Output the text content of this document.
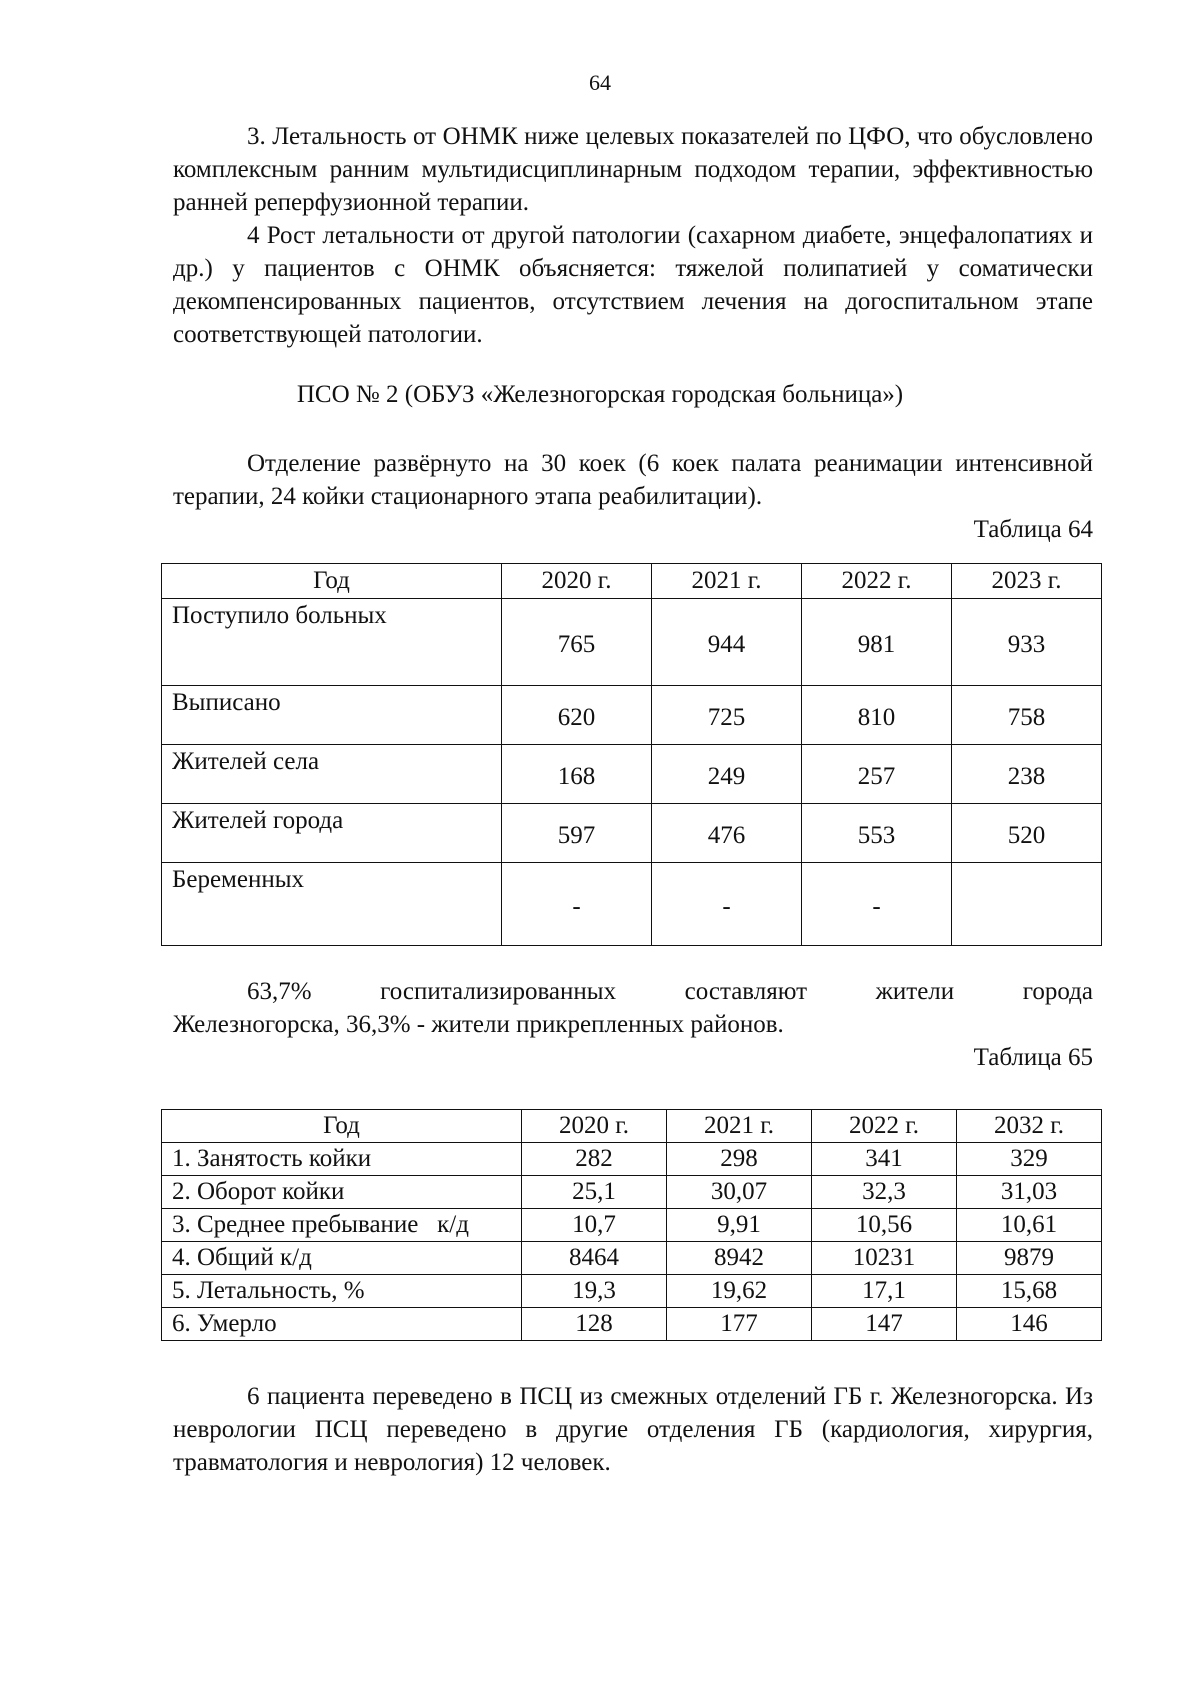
64

3. Летальность от ОНМК ниже целевых показателей по ЦФО, что обусловлено комплексным ранним мультидисциплинарным подходом терапии, эффективностью ранней реперфузионной терапии.

4 Рост летальности от другой патологии (сахарном диабете, энцефалопатиях и др.) у пациентов с ОНМК объясняется: тяжелой полипатией у соматически декомпенсированных пациентов, отсутствием лечения на догоспитальном этапе соответствующей патологии.

ПСО № 2 (ОБУЗ «Железногорская городская больница»)

Отделение развёрнуто на 30 коек (6 коек палата реанимации интенсивной терапии, 24 койки стационарного этапа реабилитации).

Таблица 64

Год	2020 г.	2021 г.	2022 г.	2023 г.
Поступило больных	765	944	981	933
Выписано	620	725	810	758
Жителей села	168	249	257	238
Жителей города	597	476	553	520
Беременных	-	-	-	

63,7% госпитализированных составляют жители города

Железногорска, 36,3% - жители прикрепленных районов.

Таблица 65

Год	2020 г.	2021 г.	2022 г.	2032 г.
1. Занятость койки	282	298	341	329
2. Оборот койки	25,1	30,07	32,3	31,03
3. Среднее пребывание   к/д	10,7	9,91	10,56	10,61
4. Общий к/д	8464	8942	10231	9879
5. Летальность, %	19,3	19,62	17,1	15,68
6. Умерло	128	177	147	146

6 пациента переведено в ПСЦ из смежных отделений ГБ г. Железногорска. Из неврологии ПСЦ переведено в другие отделения ГБ (кардиология, хирургия, травматология и неврология) 12 человек.
